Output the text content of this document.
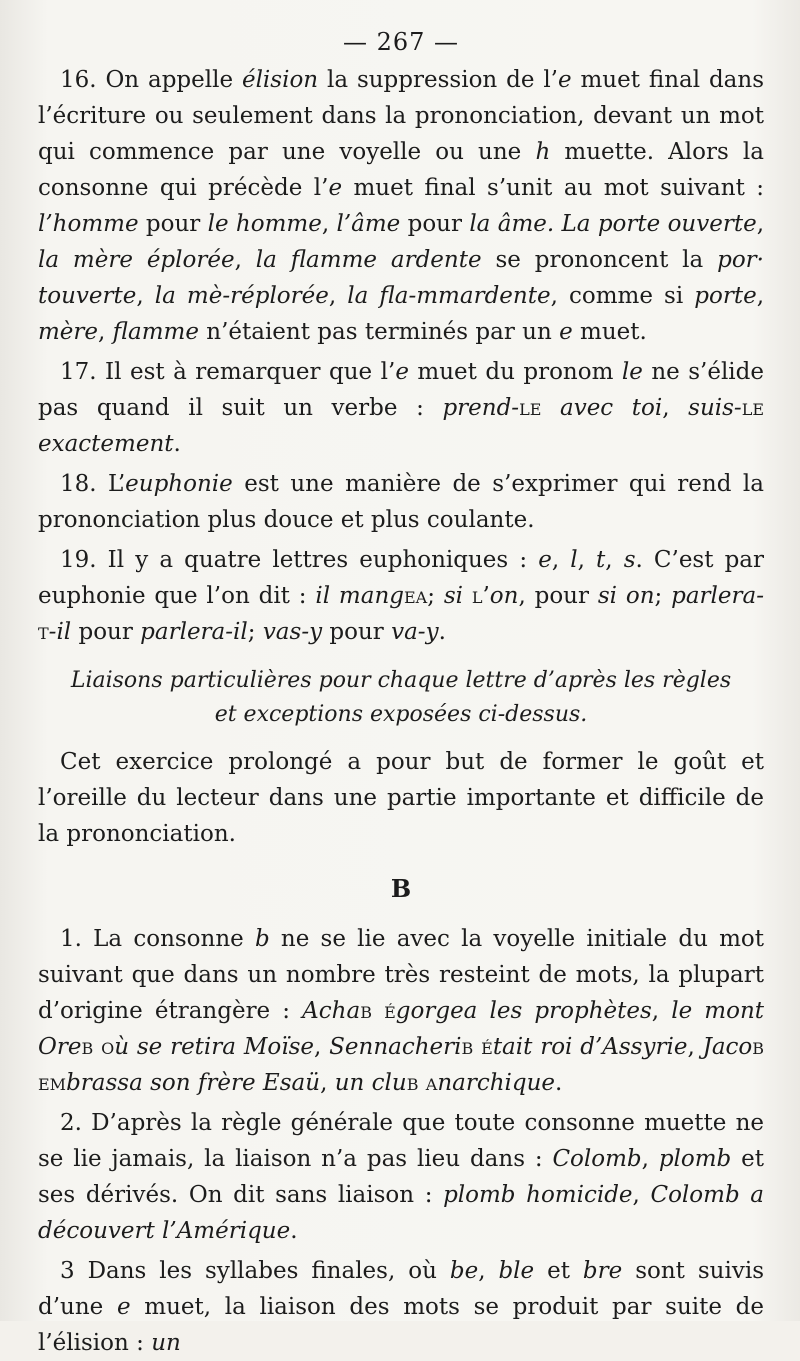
— 267 —

16. On appelle élision la suppression de l’e muet final dans l’écriture ou seulement dans la prononciation, devant un mot qui commence par une voyelle ou une h muette. Alors la consonne qui précède l’e muet final s’unit au mot suivant : l’homme pour le homme, l’âme pour la âme. La porte ouverte, la mère éplorée, la flamme ardente se prononcent la por· touverte, la mè-réplorée, la fla-mmardente, comme si porte, mère, flamme n’étaient pas terminés par un e muet.

17. Il est à remarquer que l’e muet du pronom le ne s’élide pas quand il suit un verbe : prend-le avec toi, suis-le exactement.

18. L’euphonie est une manière de s’exprimer qui rend la prononciation plus douce et plus coulante.

19. Il y a quatre lettres euphoniques : e, l, t, s. C’est par euphonie que l’on dit : il mangea; si l’on, pour si on; parlera-t-il pour parlera-il; vas-y pour va-y.

Liaisons particulières pour chaque lettre d’après les règles
et exceptions exposées ci-dessus.

Cet exercice prolongé a pour but de former le goût et l’oreille du lecteur dans une partie importante et difficile de la prononciation.

B

1. La consonne b ne se lie avec la voyelle initiale du mot suivant que dans un nombre très resteint de mots, la plupart d’origine étrangère : Achab égorgea les prophètes, le mont Oreb où se retira Moïse, Sennacherib était roi d’Assyrie, Jacob embrassa son frère Esaü, un club anarchique.

2. D’après la règle générale que toute consonne muette ne se lie jamais, la liaison n’a pas lieu dans : Colomb, plomb et ses dérivés. On dit sans liaison : plomb homicide, Colomb a découvert l’Amérique.

3 Dans les syllabes finales, où be, ble et bre sont suivis d’une e muet, la liaison des mots se produit par suite de l’élision : un
